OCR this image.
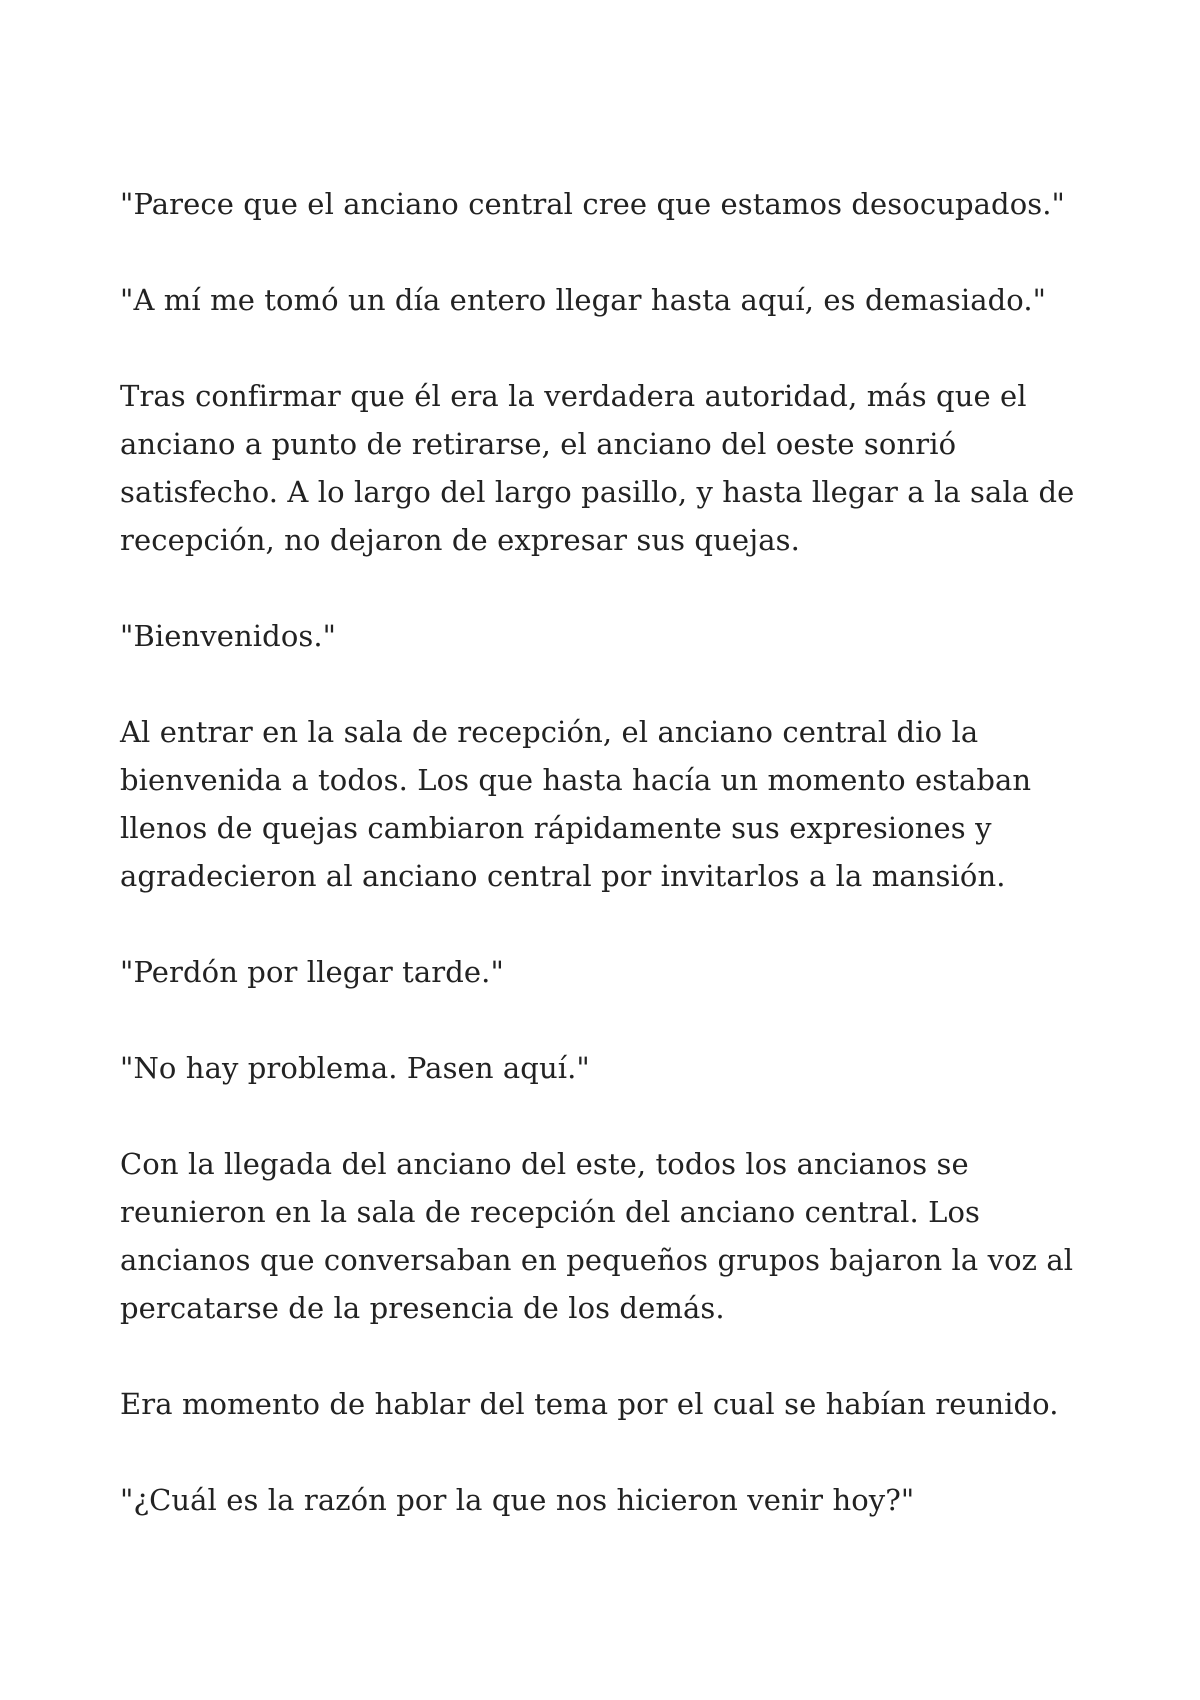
"Parece que el anciano central cree que estamos desocupados."

"A mí me tomó un día entero llegar hasta aquí, es demasiado."

Tras confirmar que él era la verdadera autoridad, más que el anciano a punto de retirarse, el anciano del oeste sonrió satisfecho. A lo largo del largo pasillo, y hasta llegar a la sala de recepción, no dejaron de expresar sus quejas.

"Bienvenidos."

Al entrar en la sala de recepción, el anciano central dio la bienvenida a todos. Los que hasta hacía un momento estaban llenos de quejas cambiaron rápidamente sus expresiones y agradecieron al anciano central por invitarlos a la mansión.

"Perdón por llegar tarde."

"No hay problema. Pasen aquí."

Con la llegada del anciano del este, todos los ancianos se reunieron en la sala de recepción del anciano central. Los ancianos que conversaban en pequeños grupos bajaron la voz al percatarse de la presencia de los demás.

Era momento de hablar del tema por el cual se habían reunido.

"¿Cuál es la razón por la que nos hicieron venir hoy?"
